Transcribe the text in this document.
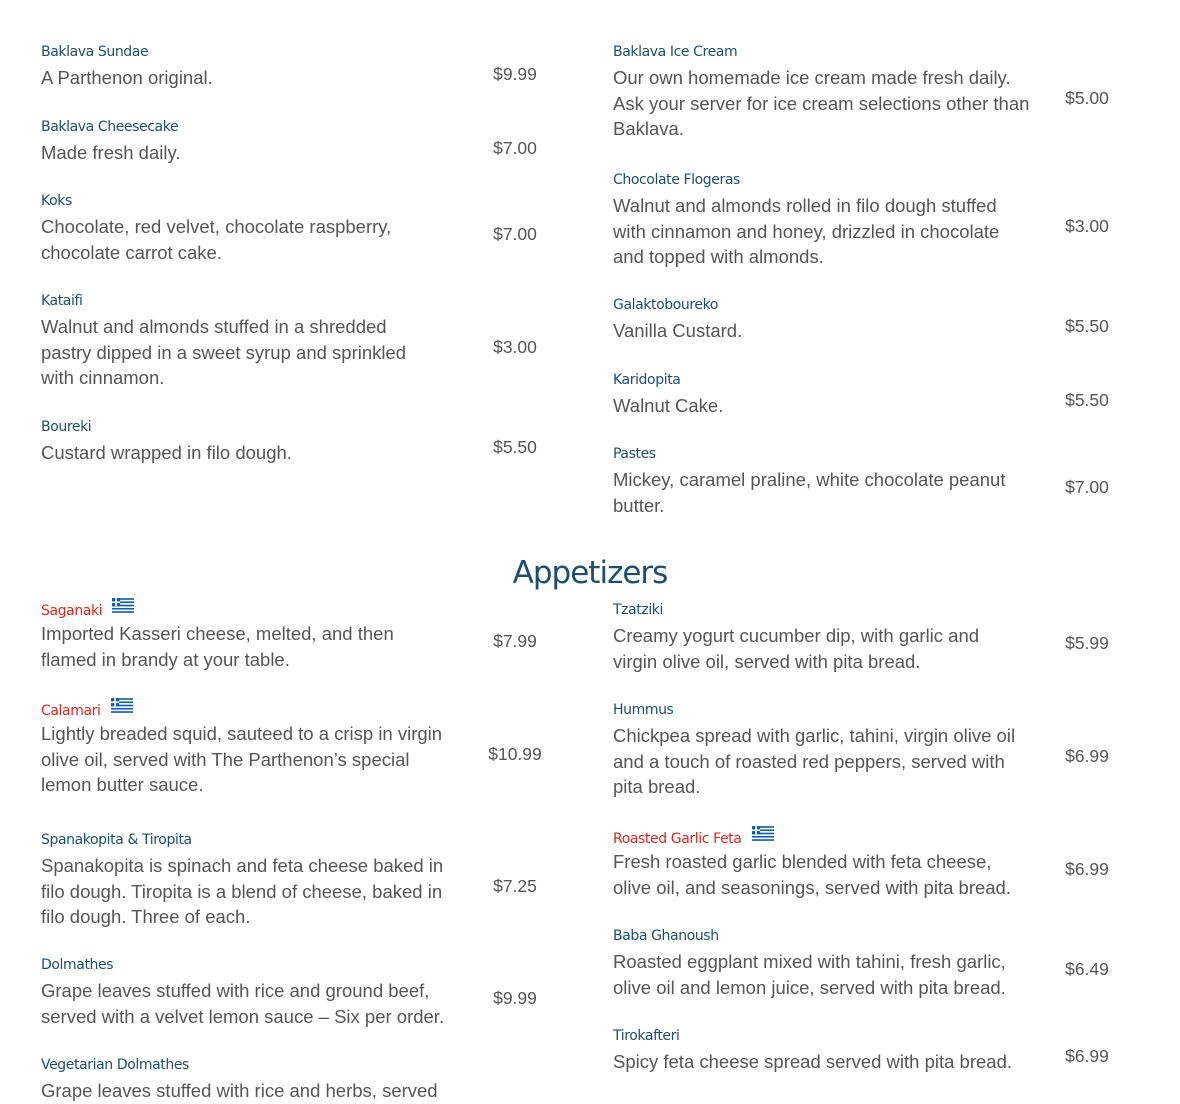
Baklava Sundae
A Parthenon original.	$9.99
Baklava Cheesecake
Made fresh daily.	$7.00
Koks
Chocolate, red velvet, chocolate raspberry, chocolate carrot cake.
$7.00
Kataifi
Walnut and almonds stuffed in a shredded pastry dipped in a sweet syrup and sprinkled with cinnamon.
$3.00
Boureki
Custard wrapped in filo dough.	$5.50
Baklava Ice Cream
Our own homemade ice cream made fresh daily. Ask your server for ice cream selections other than Baklava.
$5.00
Chocolate Flogeras
Walnut and almonds rolled in filo dough stuffed with cinnamon and honey, drizzled in chocolate and topped with almonds.
$3.00
Galaktoboureko
Vanilla Custard.	$5.50
Karidopita
Walnut Cake.	$5.50
Pastes
Mickey, caramel praline, white chocolate peanut butter.
$7.00
Appetizers
Saganaki
Imported Kasseri cheese, melted, and then flamed in brandy at your table.
$7.99
Calamari
Lightly breaded squid, sauteed to a crisp in virgin olive oil, served with The Parthenon’s special lemon butter sauce.
$10.99
Spanakopita & Tiropita
Spanakopita is spinach and feta cheese baked in filo dough. Tiropita is a blend of cheese, baked in filo dough. Three of each.
$7.25
Dolmathes
Grape leaves stuffed with rice and ground beef, served with a velvet lemon sauce – Six per order.
$9.99
Vegetarian Dolmathes
Grape leaves stuffed with rice and herbs, served
Tzatziki
Creamy yogurt cucumber dip, with garlic and virgin olive oil, served with pita bread.
$5.99
Hummus
Chickpea spread with garlic, tahini, virgin olive oil and a touch of roasted red peppers, served with pita bread.
$6.99
Roasted Garlic Feta
Fresh roasted garlic blended with feta cheese, olive oil, and seasonings, served with pita bread.
$6.99
Baba Ghanoush
Roasted eggplant mixed with tahini, fresh garlic, olive oil and lemon juice, served with pita bread.
$6.49
Tirokafteri
Spicy feta cheese spread served with pita bread.	$6.99
